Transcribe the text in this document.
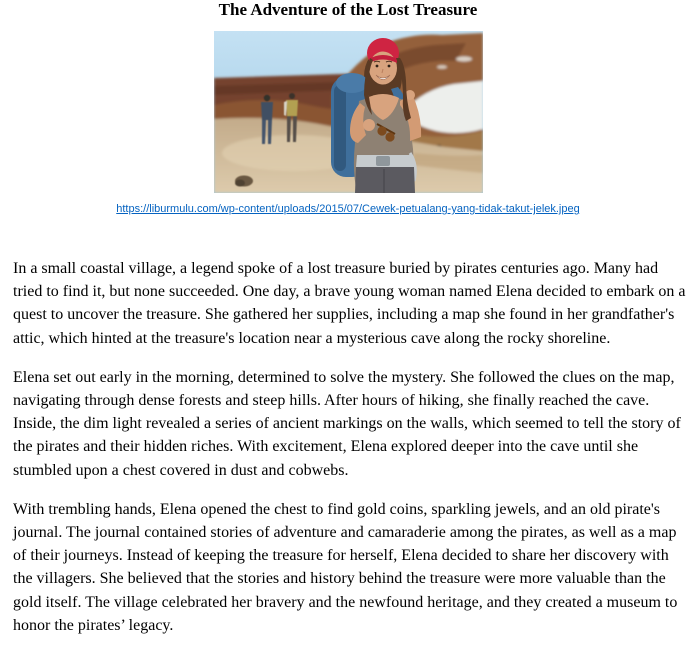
The Adventure of the Lost Treasure
https://liburmulu.com/wp-content/uploads/2015/07/Cewek-petualang-yang-tidak-takut-jelek.jpeg

In a small coastal village, a legend spoke of a lost treasure buried by pirates centuries ago. Many had tried to find it, but none succeeded. One day, a brave young woman named Elena decided to embark on a quest to uncover the treasure. She gathered her supplies, including a map she found in her grandfather's attic, which hinted at the treasure's location near a mysterious cave along the rocky shoreline.

Elena set out early in the morning, determined to solve the mystery. She followed the clues on the map, navigating through dense forests and steep hills. After hours of hiking, she finally reached the cave. Inside, the dim light revealed a series of ancient markings on the walls, which seemed to tell the story of the pirates and their hidden riches. With excitement, Elena explored deeper into the cave until she stumbled upon a chest covered in dust and cobwebs.

With trembling hands, Elena opened the chest to find gold coins, sparkling jewels, and an old pirate's journal. The journal contained stories of adventure and camaraderie among the pirates, as well as a map of their journeys. Instead of keeping the treasure for herself, Elena decided to share her discovery with the villagers. She believed that the stories and history behind the treasure were more valuable than the gold itself. The village celebrated her bravery and the newfound heritage, and they created a museum to honor the pirates’ legacy.
